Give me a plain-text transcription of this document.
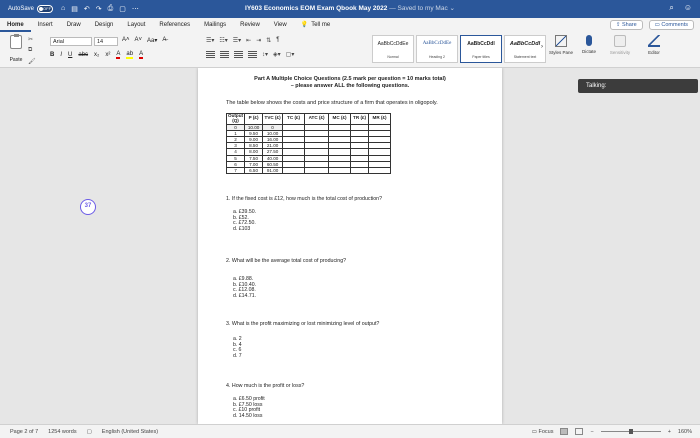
AutoSave OFF ⌂ ▤ ↶ ↷ ⎙ ▢ ⋯	IY603 Economics EOM Exam Qbook May 2022 — Saved to my Mac ⌄	⌕ ☺
Home	Insert	Draw	Design	Layout	References	Mailings	Review	View	💡 Tell me	⇪ Share	▭ Comments
Paste
✂
⧉
🖌
Arial	14	A˄ A˅ Aa▾ A̶
B I U abc x₂ x² A ab A
☰▾ ☷▾ ☰▾ ⇤ ⇥ ⇅ ¶
↕▾ ◈▾ ▢▾
AaBbCcDdEe
Normal
AaBbCcDdEe
Heading 2
AaBbCcDdI
Paper titles
AaBbCcDdI
Statement text
›
Styles Pane	Dictate	Sensitivity	Editor
37
Talking:
Part A Multiple Choice Questions (2.5 mark per question = 10 marks total)
– please answer ALL the following questions.
The table below shows the costs and price structure of a firm that operates in oligopoly.
Output (Q)	P (£)	TVC (£)	TC (£)	ATC (£)	MC (£)	TR (£)	MR (£)
0	10.00	0					
1	9.50	10.00					
2	9.00	16.00					
3	8.50	21.00					
4	8.00	27.50					
5	7.50	40.00					
6	7.00	60.50					
7	6.50	91.00					
1. If the fixed cost is £12, how much is the total cost of production?
a. £39.50.
b. £52.
c. £72.50.
d. £103
2. What will be the average total cost of producing?
a. £9.88.
b. £10.40.
c. £12.08.
d. £14.71.
3. What is the profit maximizing or lost minimizing level of output?
a. 2
b. 4
c. 6
d. 7
4. How much is the profit or loss?
a. £6.50 profit
b. £7.50 loss
c. £10 profit
d. 14.50 loss
Page 2 of 7 1254 words ▢ English (United States)	▭ Focus	−	+ 160%
